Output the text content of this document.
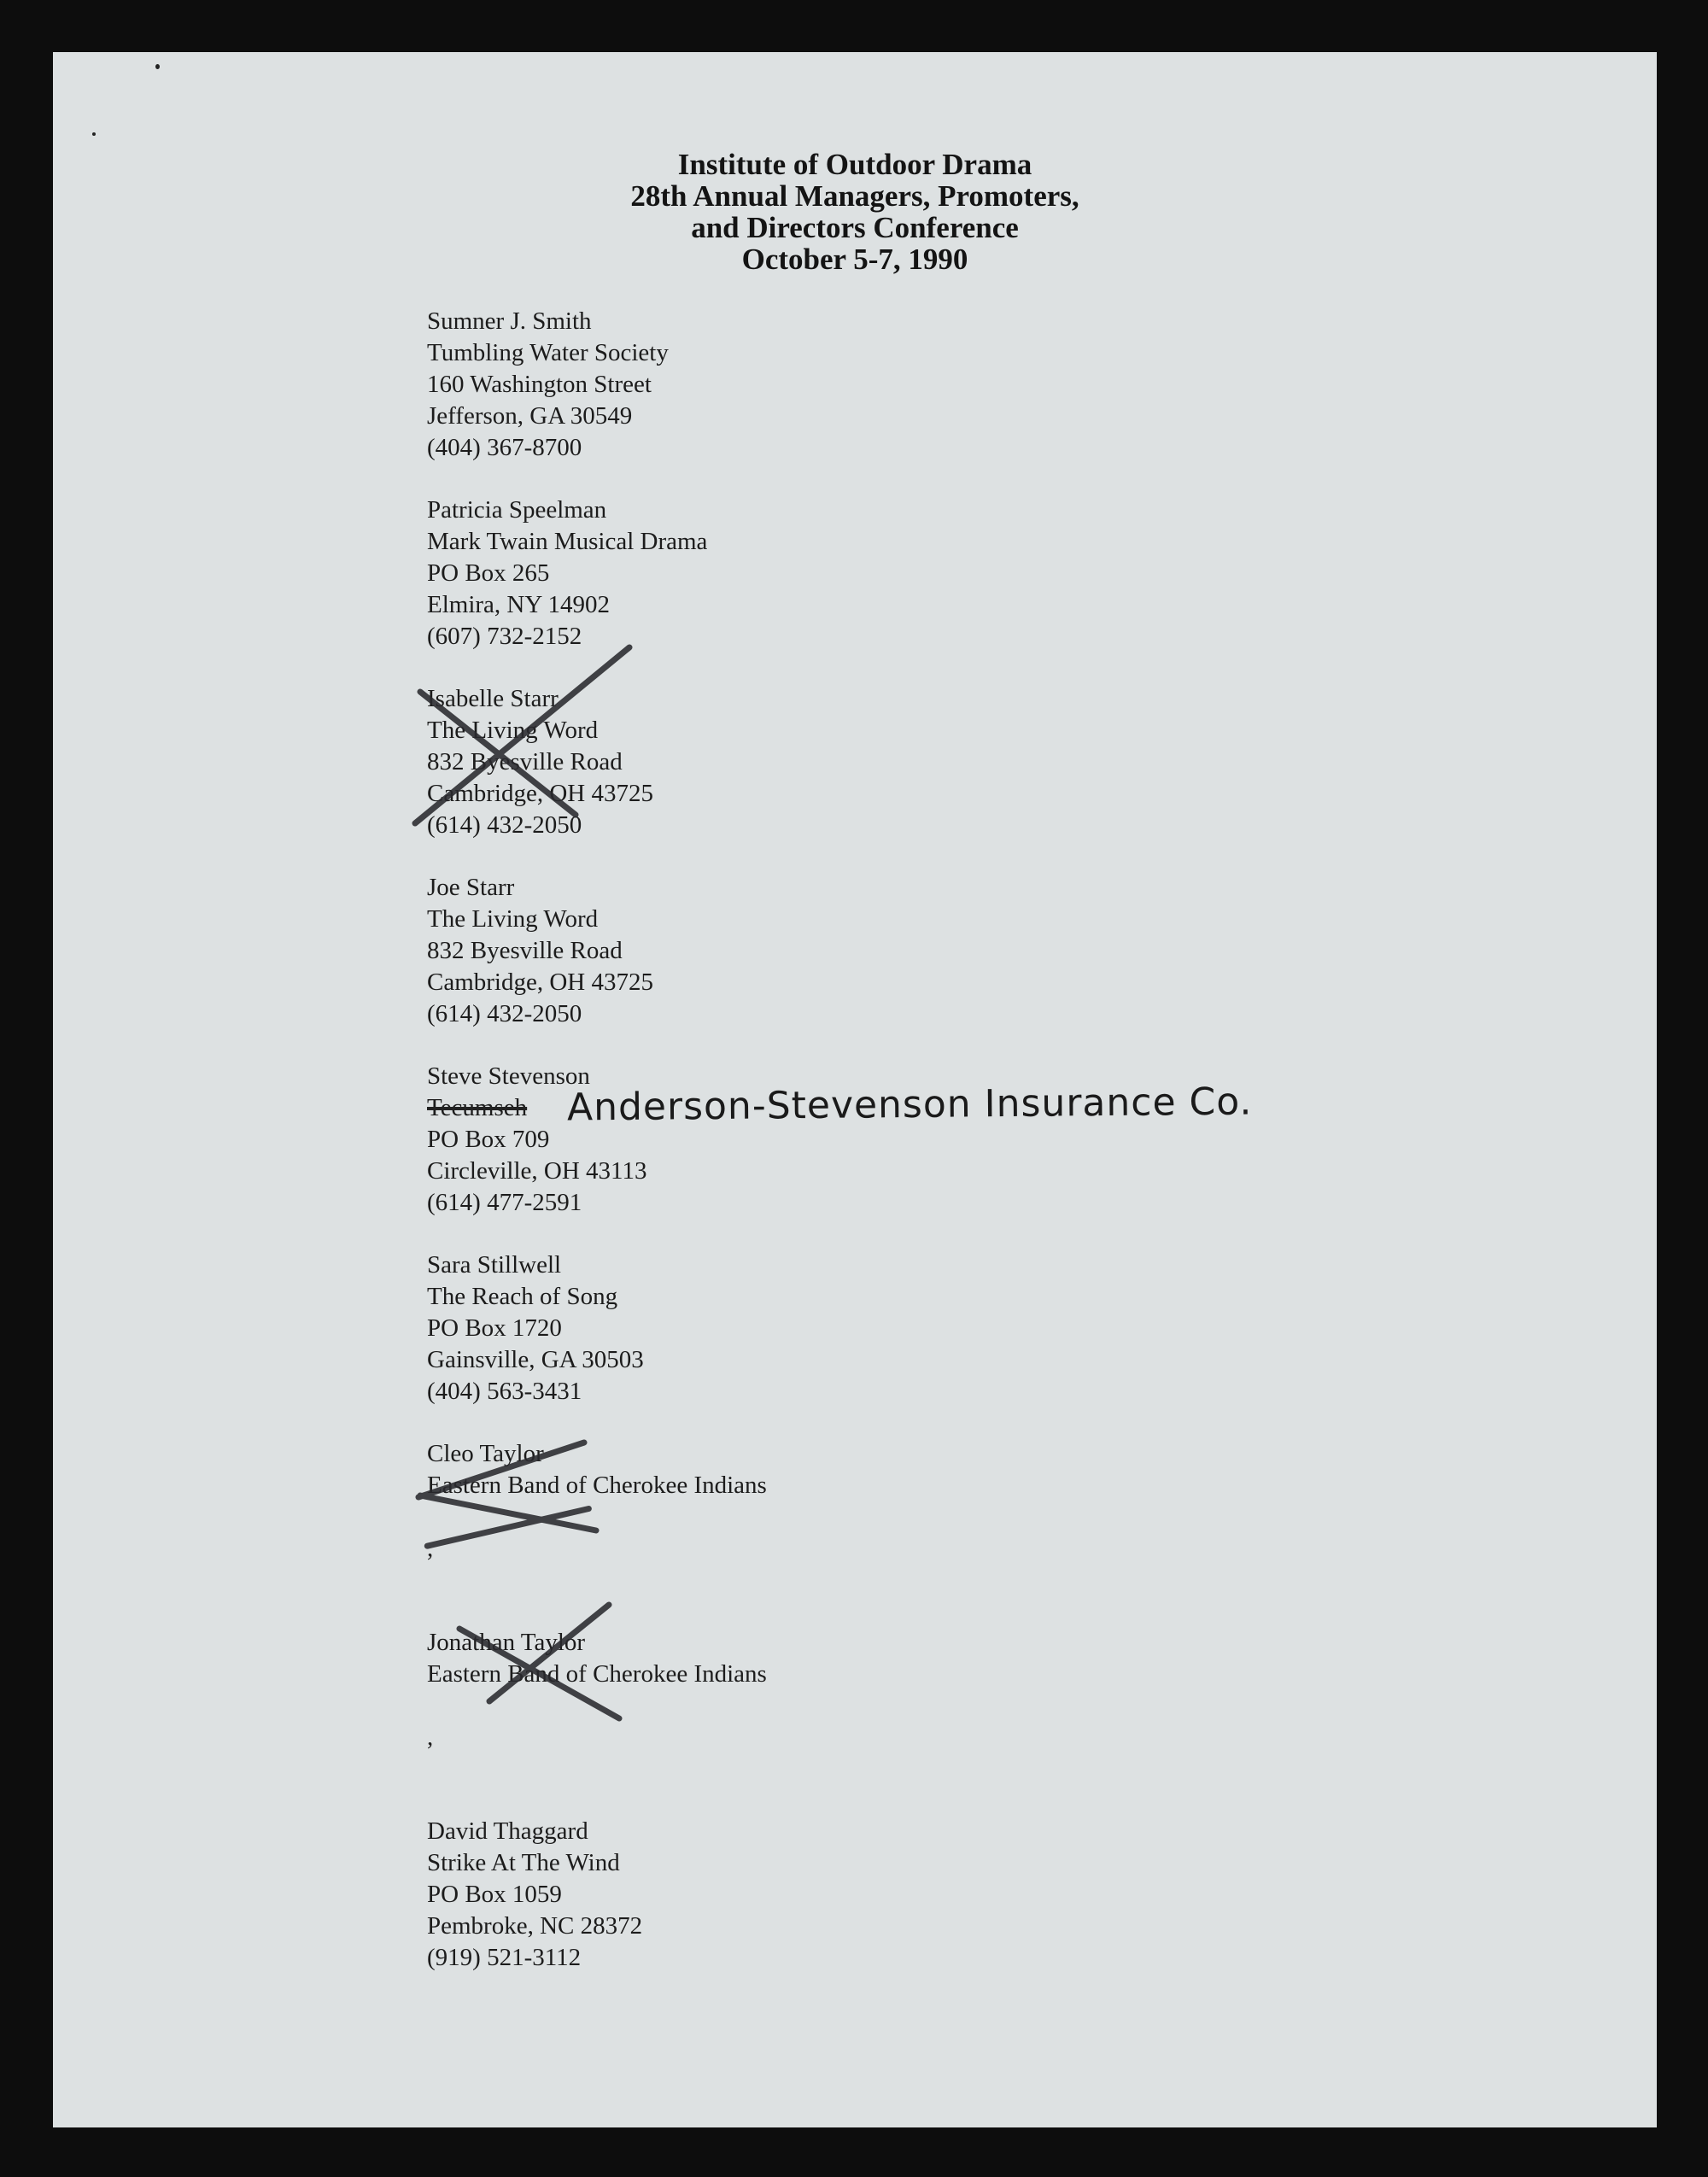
Institute of Outdoor Drama
28th Annual Managers, Promoters,
and Directors Conference
October 5-7, 1990
Sumner J. Smith
Tumbling Water Society
160 Washington Street
Jefferson, GA 30549
(404) 367-8700
Patricia Speelman
Mark Twain Musical Drama
PO Box 265
Elmira, NY 14902
(607) 732-2152
Isabelle Starr
The Living Word
832 Byesville Road
Cambridge, OH 43725
(614) 432-2050
Joe Starr
The Living Word
832 Byesville Road
Cambridge, OH 43725
(614) 432-2050
Steve Stevenson
Tecumseh
PO Box 709
Circleville, OH 43113
(614) 477-2591
Sara Stillwell
The Reach of Song
PO Box 1720
Gainsville, GA 30503
(404) 563-3431
Cleo Taylor
Eastern Band of Cherokee Indians
,
Jonathan Taylor
Eastern Band of Cherokee Indians
,
David Thaggard
Strike At The Wind
PO Box 1059
Pembroke, NC 28372
(919) 521-3112
Anderson-Stevenson Insurance Co.
